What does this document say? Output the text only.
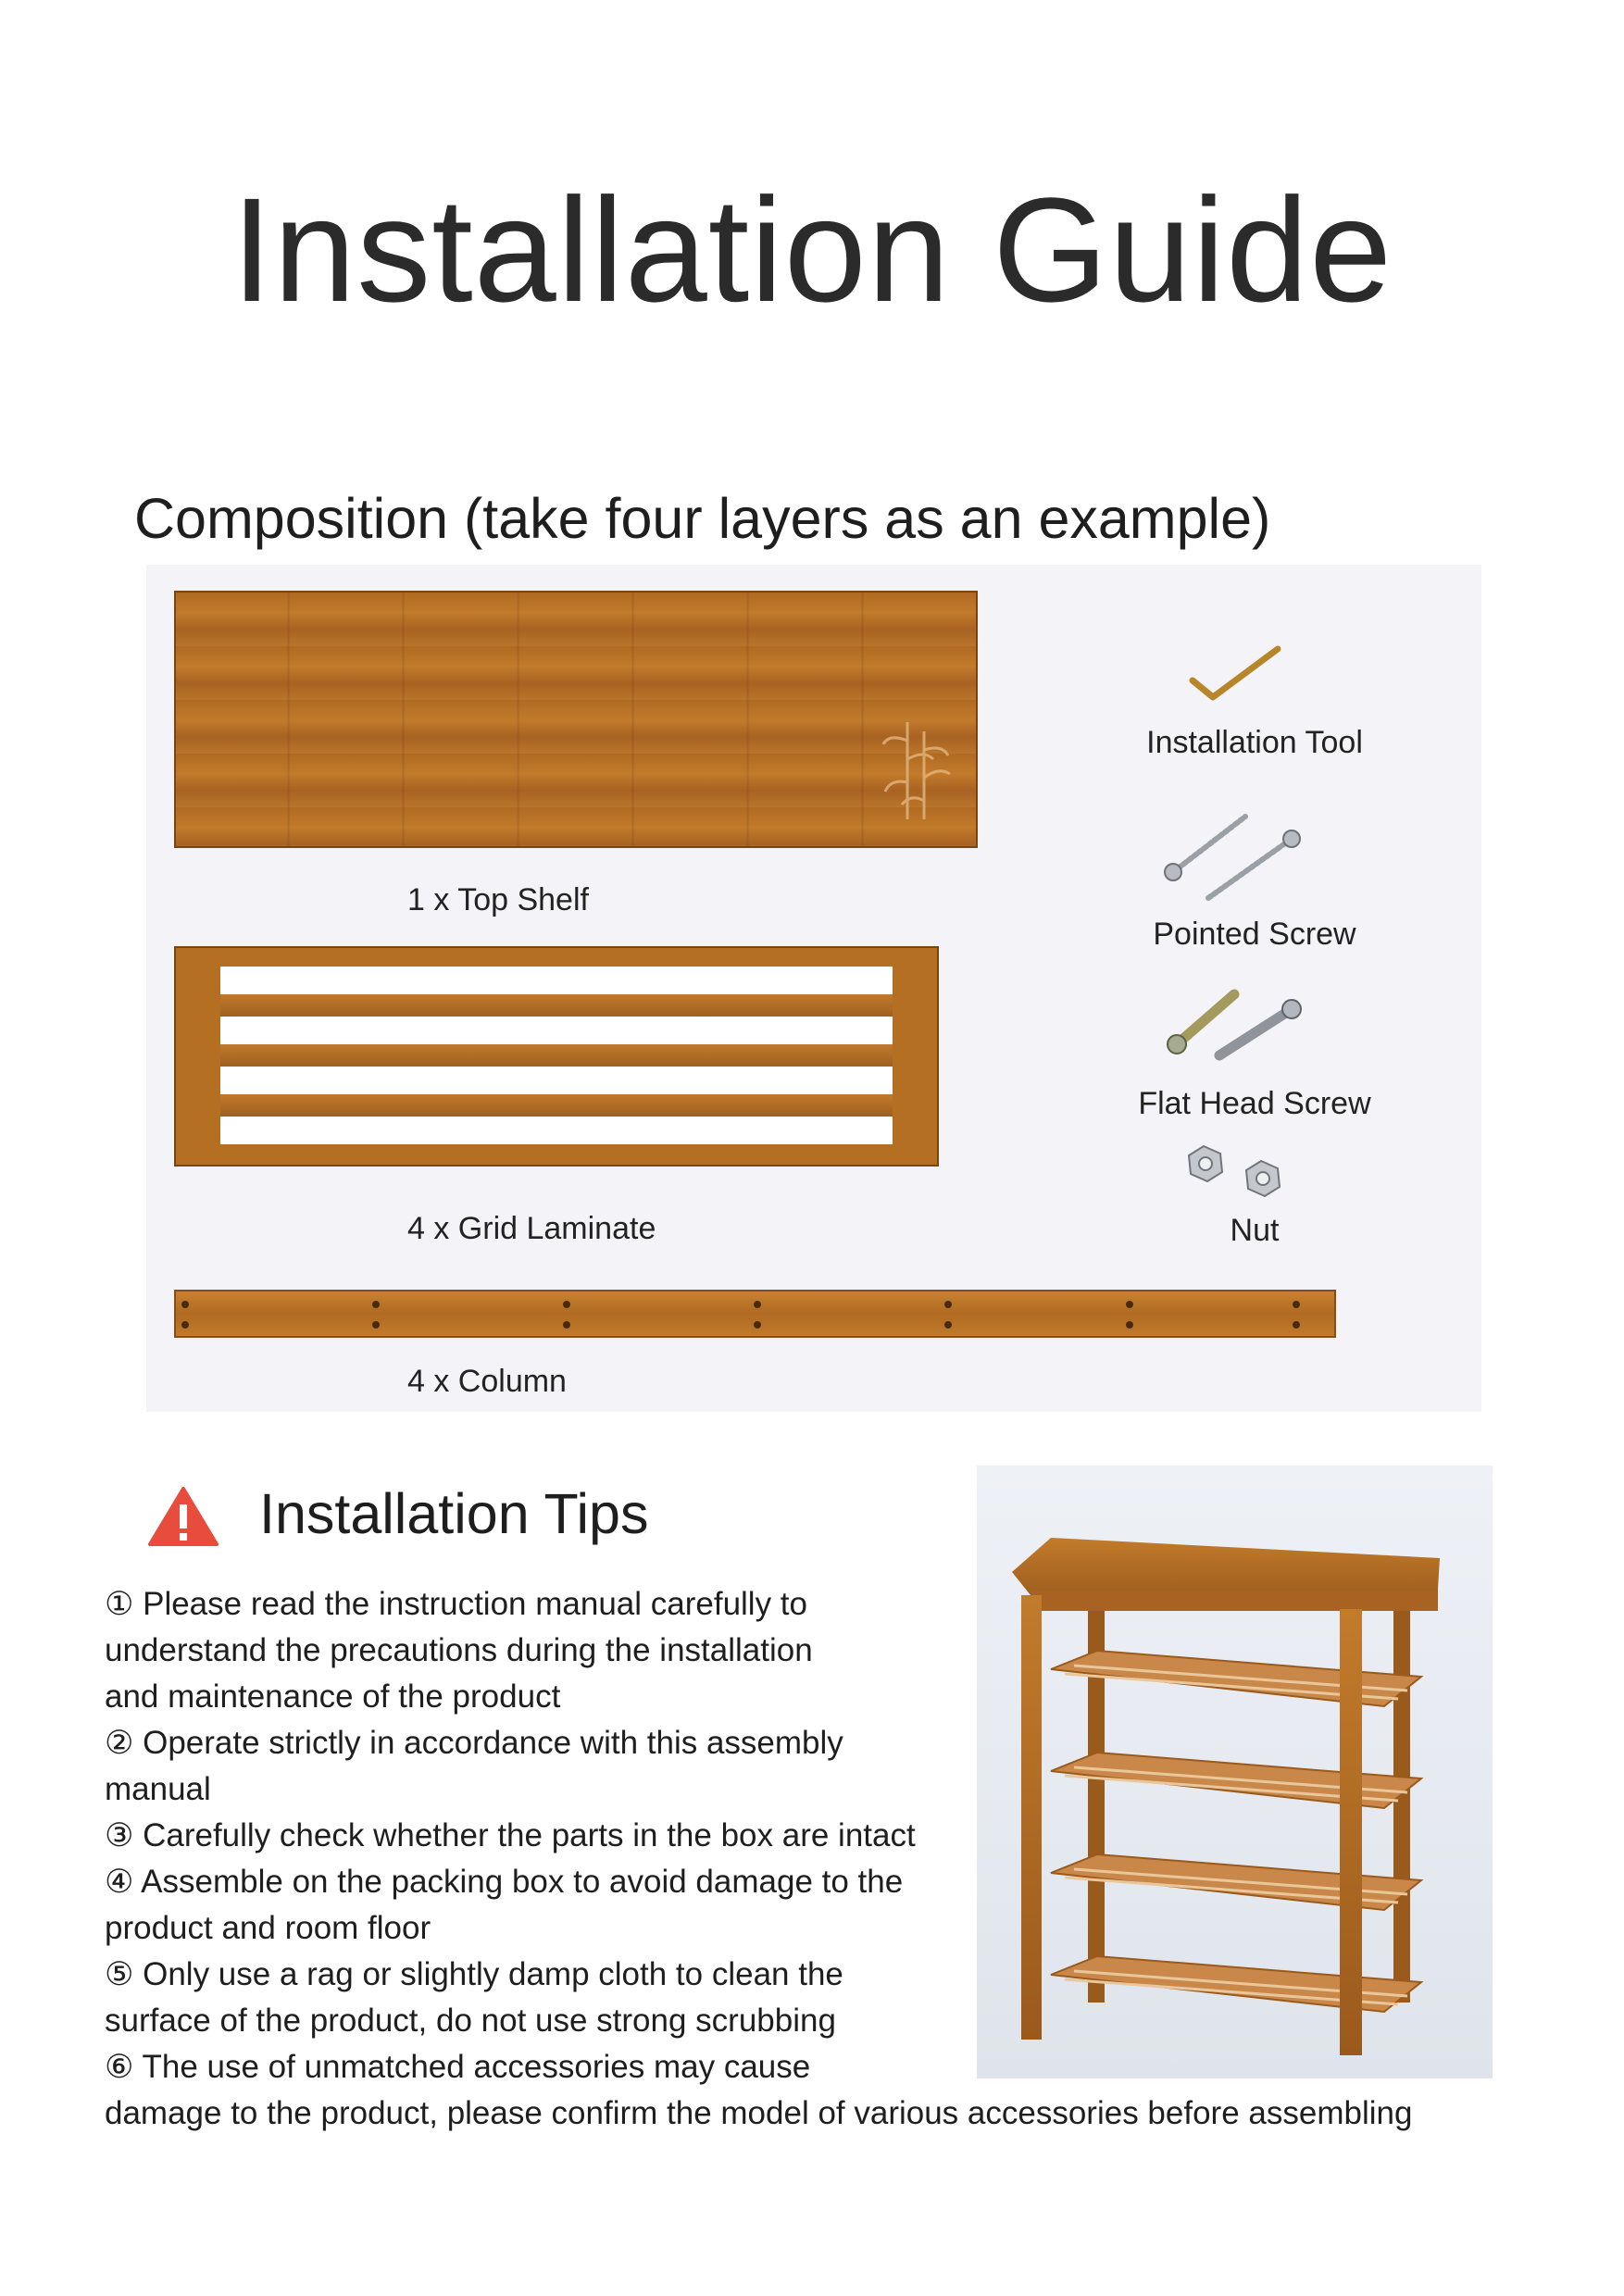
Installation Guide
Composition (take four layers as an example)
1 x Top Shelf
4 x Grid Laminate
4 x Column
Installation Tool
Pointed Screw
Flat Head Screw
Nut
Installation Tips
① Please read the instruction manual carefully to
understand the precautions during the installation
and maintenance of the product
② Operate strictly in accordance with this assembly
manual
③ Carefully check whether the parts in the box are intact
④ Assemble on the packing box to avoid damage to the
product and room floor
⑤ Only use a rag or slightly damp cloth to clean the
surface of the product, do not use strong scrubbing
⑥ The use of unmatched accessories may cause
damage to the product, please confirm the model of various accessories before assembling
